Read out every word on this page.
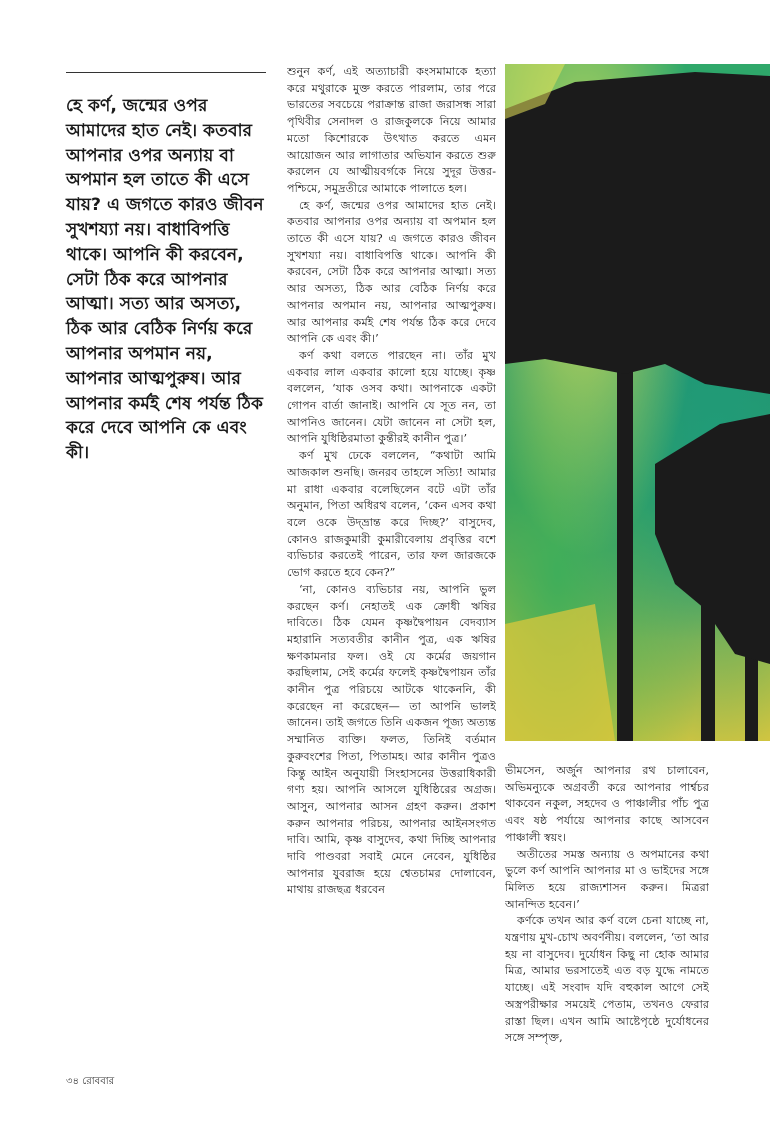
হে কর্ণ, জন্মের ওপর আমাদের হাত নেই। কতবার আপনার ওপর অন্যায় বা অপমান হল তাতে কী এসে যায়? এ জগতে কারও জীবন সুখশয্যা নয়। বাধাবিপত্তি থাকে। আপনি কী করবেন, সেটা ঠিক করে আপনার আত্মা। সত্য আর অসত্য, ঠিক আর বেঠিক নির্ণয় করে আপনার অপমান নয়, আপনার আত্মপুরুষ। আর আপনার কর্মই শেষ পর্যন্ত ঠিক করে দেবে আপনি কে এবং কী।

শুনুন কর্ণ, এই অত্যাচারী কংসমামাকে হত্যা করে মথুরাকে মুক্ত করতে পারলাম, তার পরে ভারতের সবচেয়ে পরাক্রান্ত রাজা জরাসন্ধ সারা পৃথিবীর সেনাদল ও রাজকুলকে নিয়ে আমার মতো কিশোরকে উৎখাত করতে এমন আয়োজন আর লাগাতার অভিযান করতে শুরু করলেন যে আত্মীয়বর্গকে নিয়ে সুদূর উত্তর-পশ্চিমে, সমুদ্রতীরে আমাকে পালাতে হল।

হে কর্ণ, জন্মের ওপর আমাদের হাত নেই। কতবার আপনার ওপর অন্যায় বা অপমান হল তাতে কী এসে যায়? এ জগতে কারও জীবন সুখশয্যা নয়। বাধাবিপত্তি থাকে। আপনি কী করবেন, সেটা ঠিক করে আপনার আত্মা। সত্য আর অসত্য, ঠিক আর বেঠিক নির্ণয় করে আপনার অপমান নয়, আপনার আত্মপুরুষ। আর আপনার কর্মই শেষ পর্যন্ত ঠিক করে দেবে আপনি কে এবং কী।’

কর্ণ কথা বলতে পারছেন না। তাঁর মুখ একবার লাল একবার কালো হয়ে যাচ্ছে। কৃষ্ণ বললেন, ‘যাক ওসব কথা। আপনাকে একটা গোপন বার্তা জানাই। আপনি যে সূত নন, তা আপনিও জানেন। যেটা জানেন না সেটা হল, আপনি যুধিষ্ঠিরমাতা কুন্তীরই কানীন পুত্র।’

কর্ণ মুখ ঢেকে বললেন, “কথাটা আমি আজকাল শুনছি। জনরব তাহলে সত্যি! আমার মা রাধা একবার বলেছিলেন বটে এটা তাঁর অনুমান, পিতা অধিরথ বলেন, ‘কেন এসব কথা বলে ওকে উদ্‌ভ্রান্ত করে দিচ্ছ?’ বাসুদেব, কোনও রাজকুমারী কুমারীবেলায় প্রবৃত্তির বশে ব্যভিচার করতেই পারেন, তার ফল জারজকে ভোগ করতে হবে কেন?”

‘না, কোনও ব্যভিচার নয়, আপনি ভুল করছেন কর্ণ। নেহাতই এক ক্রোধী ঋষির দাবিতে। ঠিক যেমন কৃষ্ণদ্বৈপায়ন বেদব্যাস মহারানি সত্যবতীর কানীন পুত্র, এক ঋষির ক্ষণকামনার ফল। ওই যে কর্মের জয়গান করছিলাম, সেই কর্মের ফলেই কৃষ্ণদ্বৈপায়ন তাঁর কানীন পুত্র পরিচয়ে আটকে থাকেননি, কী করেছেন না করেছেন— তা আপনি ভালই জানেন। তাই জগতে তিনি একজন পূজ্য অত্যন্ত সম্মানিত ব্যক্তি। ফলত, তিনিই বর্তমান কুরুবংশের পিতা, পিতামহ। আর কানীন পুত্রও কিন্তু আইন অনুযায়ী সিংহাসনের উত্তরাধিকারী গণ্য হয়। আপনি আসলে যুধিষ্ঠিরের অগ্রজ। আসুন, আপনার আসন গ্রহণ করুন। প্রকাশ করুন আপনার পরিচয়, আপনার আইনসংগত দাবি। আমি, কৃষ্ণ বাসুদেব, কথা দিচ্ছি আপনার দাবি পাণ্ডবরা সবাই মেনে নেবেন, যুধিষ্ঠির আপনার যুবরাজ হয়ে শ্বেতচামর দোলাবেন, মাথায় রাজছত্র ধরবেন

ভীমসেন, অর্জুন আপনার রথ চালাবেন, অভিমন্যুকে অগ্রবর্তী করে আপনার পার্শ্বচর থাকবেন নকুল, সহদেব ও পাঞ্চালীর পাঁচ পুত্র এবং ষষ্ঠ পর্যায়ে আপনার কাছে আসবেন পাঞ্চালী স্বয়ং।

অতীতের সমস্ত অন্যায় ও অপমানের কথা ভুলে কর্ণ আপনি আপনার মা ও ভাইদের সঙ্গে মিলিত হয়ে রাজ্যশাসন করুন। মিত্ররা আনন্দিত হবেন।’

কর্ণকে তখন আর কর্ণ বলে চেনা যাচ্ছে না, যন্ত্রণায় মুখ-চোখ অবর্ণনীয়। বললেন, ‘তা আর হয় না বাসুদেব। দুর্যোধন কিছু না হোক আমার মিত্র, আমার ভরসাতেই এত বড় যুদ্ধে নামতে যাচ্ছে। এই সংবাদ যদি বহুকাল আগে সেই অস্ত্রপরীক্ষার সময়েই পেতাম, তখনও ফেরার রাস্তা ছিল। এখন আমি আষ্টেপৃষ্ঠে দুর্যোধনের সঙ্গে সম্পৃক্ত,

৩৪ রোববার
